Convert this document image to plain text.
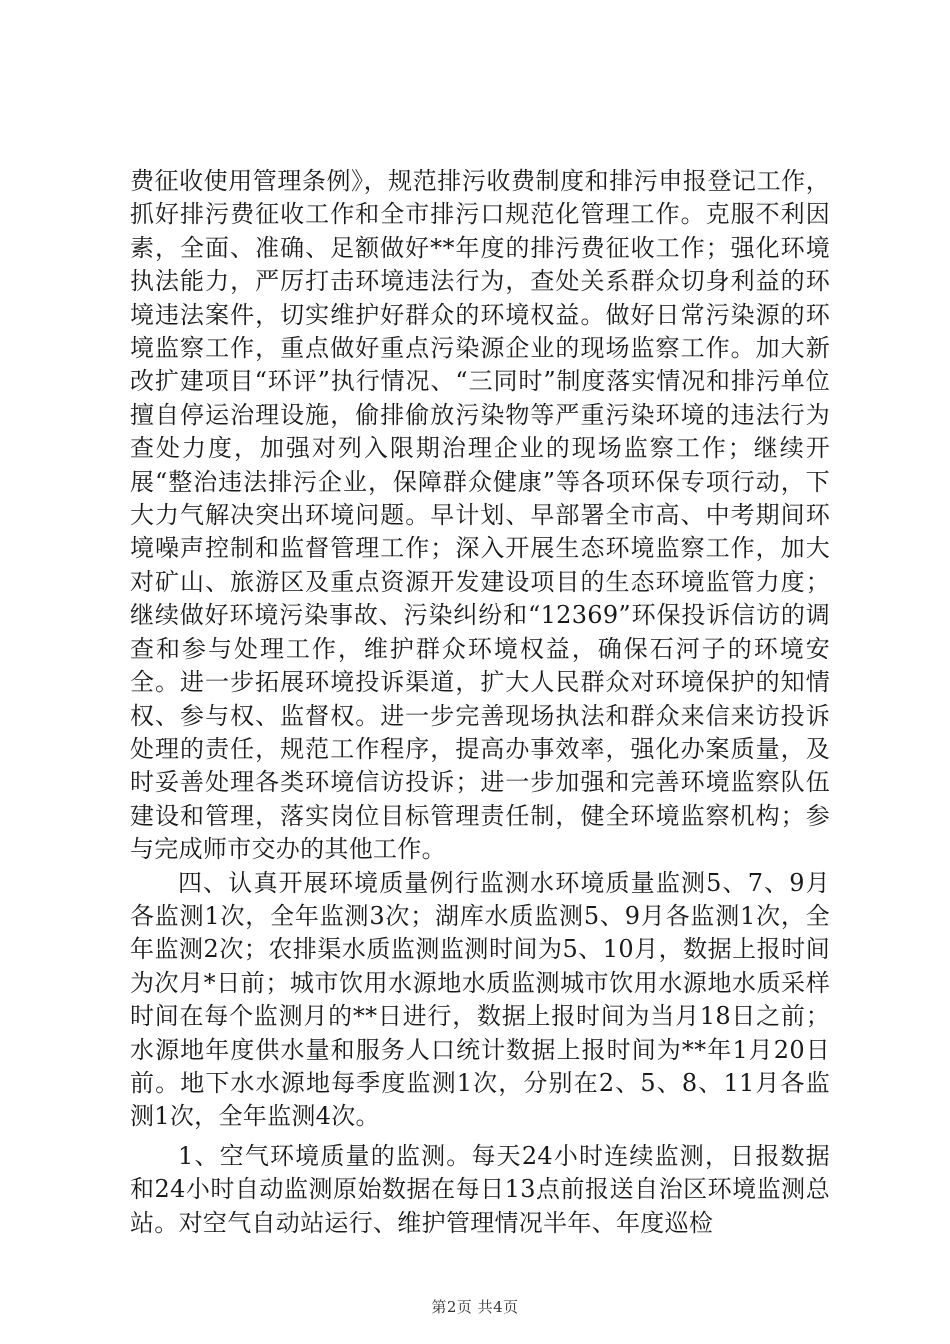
费征收使用管理条例》，规范排污收费制度和排污申报登记工作，抓好排污费征收工作和全市排污口规范化管理工作。克服不利因素，全面、准确、足额做好**年度的排污费征收工作；强化环境执法能力，严厉打击环境违法行为，查处关系群众切身利益的环境违法案件，切实维护好群众的环境权益。做好日常污染源的环境监察工作，重点做好重点污染源企业的现场监察工作。加大新改扩建项目“环评”执行情况、“三同时”制度落实情况和排污单位擅自停运治理设施，偷排偷放污染物等严重污染环境的违法行为查处力度，加强对列入限期治理企业的现场监察工作；继续开展“整治违法排污企业，保障群众健康”等各项环保专项行动，下大力气解决突出环境问题。早计划、早部署全市高、中考期间环境噪声控制和监督管理工作；深入开展生态环境监察工作，加大对矿山、旅游区及重点资源开发建设项目的生态环境监管力度；继续做好环境污染事故、污染纠纷和“12369”环保投诉信访的调查和参与处理工作，维护群众环境权益，确保石河子的环境安全。进一步拓展环境投诉渠道，扩大人民群众对环境保护的知情权、参与权、监督权。进一步完善现场执法和群众来信来访投诉处理的责任，规范工作程序，提高办事效率，强化办案质量，及时妥善处理各类环境信访投诉；进一步加强和完善环境监察队伍建设和管理，落实岗位目标管理责任制，健全环境监察机构；参与完成师市交办的其他工作。

四、认真开展环境质量例行监测水环境质量监测5、7、9月各监测1次，全年监测3次；湖库水质监测5、9月各监测1次，全年监测2次；农排渠水质监测监测时间为5、10月，数据上报时间为次月*日前；城市饮用水源地水质监测城市饮用水源地水质采样时间在每个监测月的**日进行，数据上报时间为当月18日之前；水源地年度供水量和服务人口统计数据上报时间为**年1月20日前。地下水水源地每季度监测1次，分别在2、5、8、11月各监测1次，全年监测4次。

1、空气环境质量的监测。每天24小时连续监测，日报数据和24小时自动监测原始数据在每日13点前报送自治区环境监测总站。对空气自动站运行、维护管理情况半年、年度巡检

第2页 共4页
